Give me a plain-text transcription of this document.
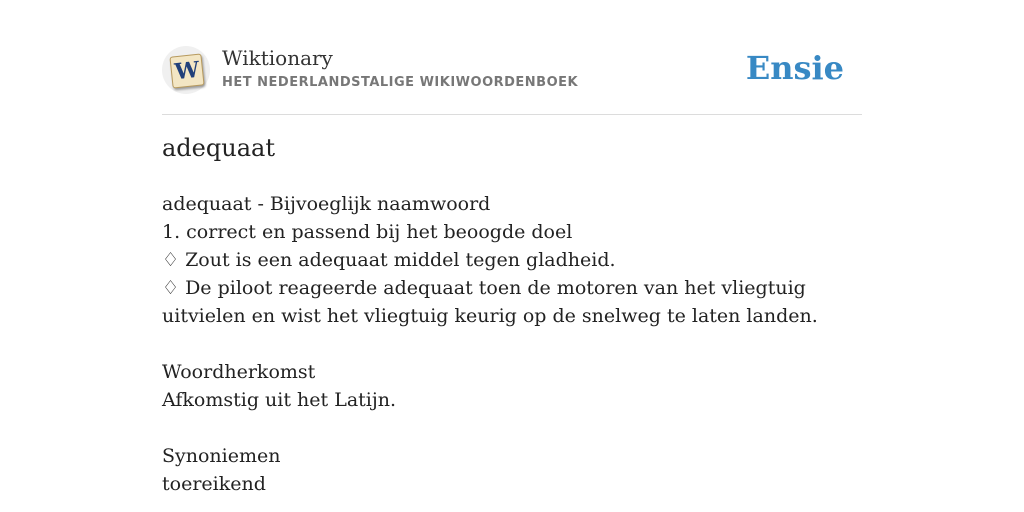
W Wiktionary
HET NEDERLANDSTALIGE WIKIWOORDENBOEK	Ensie
adequaat

adequaat - Bijvoeglijk naamwoord

1. correct en passend bij het beoogde doel

♢ Zout is een adequaat middel tegen gladheid.

♢ De piloot reageerde adequaat toen de motoren van het vliegtuig uitvielen en wist het vliegtuig keurig op de snelweg te laten landen.

Woordherkomst

Afkomstig uit het Latijn.

Synoniemen

toereikend
